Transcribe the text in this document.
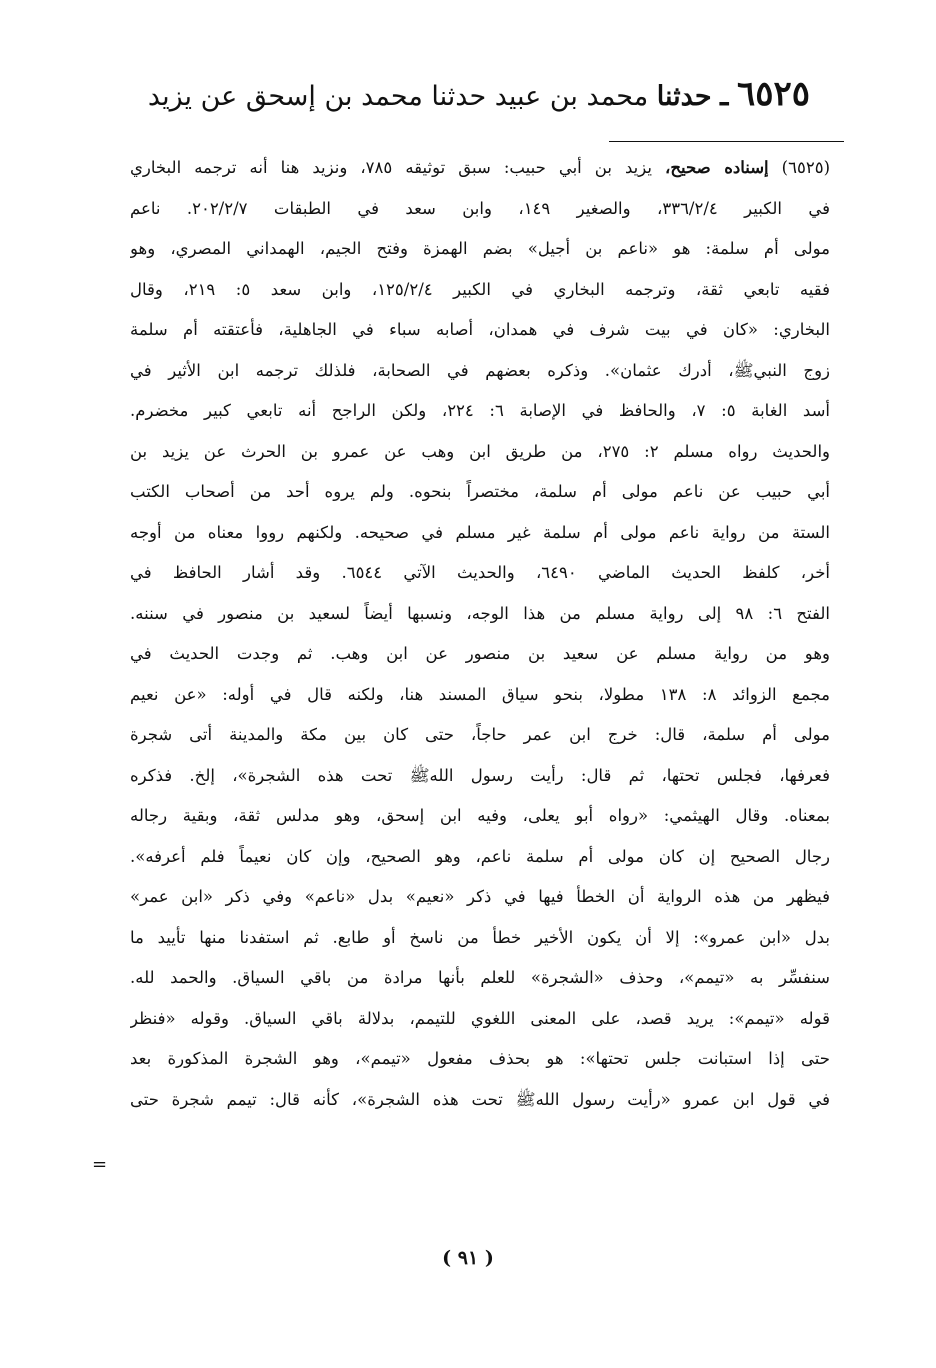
٦٥٢٥ ـ حدثنا محمد بن عبيد حدثنا محمد بن إسحق عن يزيد
(٦٥٢٥) إسناده صحيح، يزيد بن أبي حبيب: سبق توثيقه ٧٨٥، ونزيد هنا أنه ترجمه البخاري
في الكبير ٣٣٦/٢/٤، والصغير ١٤٩، وابن سعد في الطبقات ٢٠٢/٢/٧. ناعم
مولى أم سلمة: هو «ناعم بن أجيل» بضم الهمزة وفتح الجيم، الهمداني المصري، وهو
فقيه تابعي ثقة، وترجمه البخاري في الكبير ١٢٥/٢/٤، وابن سعد ٥: ٢١٩، وقال
البخاري: «كان في بيت شرف في همدان، أصابه سباء في الجاهلية، فأعتقته أم سلمة
زوج النبيﷺ، أدرك عثمان». وذكره بعضهم في الصحابة، فلذلك ترجمه ابن الأثير في
أسد الغابة ٥: ٧، والحافظ في الإصابة ٦: ٢٢٤، ولكن الراجح أنه تابعي كبير مخضرم.
والحديث رواه مسلم ٢: ٢٧٥، من طريق ابن وهب عن عمرو بن الحرث عن يزيد بن
أبي حبيب عن ناعم مولى أم سلمة، مختصراً بنحوه. ولم يروه أحد من أصحاب الكتب
الستة من رواية ناعم مولى أم سلمة غير مسلم في صحيحه. ولكنهم رووا معناه من أوجه
أخر، كلفظ الحديث الماضي ٦٤٩٠، والحديث الآتي ٦٥٤٤. وقد أشار الحافظ في
الفتح ٦: ٩٨ إلى رواية مسلم من هذا الوجه، ونسبها أيضاً لسعيد بن منصور في سننه.
وهو من رواية مسلم عن سعيد بن منصور عن ابن وهب. ثم وجدت الحديث في
مجمع الزوائد ٨: ١٣٨ مطولا، بنحو سياق المسند هنا، ولكنه قال في أوله: «عن نعيم
مولى أم سلمة، قال: خرج ابن عمر حاجاً، حتى كان بين مكة والمدينة أتى شجرة
فعرفها، فجلس تحتها، ثم قال: رأيت رسول اللهﷺ تحت هذه الشجرة»، إلخ. فذكره
بمعناه. وقال الهيثمي: «رواه أبو يعلى، وفيه ابن إسحق، وهو مدلس ثقة، وبقية رجاله
رجال الصحيح إن كان مولى أم سلمة ناعم، وهو الصحيح، وإن كان نعيماً فلم أعرفه».
فيظهر من هذه الرواية أن الخطأ فيها في ذكر «نعيم» بدل «ناعم» وفي ذكر «ابن عمر»
بدل «ابن عمرو»: إلا أن يكون الأخير خطأ من ناسخ أو طابع. ثم استفدنا منها تأييد ما
سنفسِّر به «تيمم»، وحذف «الشجرة» للعلم بأنها مرادة من باقي السياق. والحمد لله.
قوله «تيمم»: يريد قصد، على المعنى اللغوي للتيمم، بدلالة باقي السياق. وقوله «فنظر
حتى إذا استبانت جلس تحتها»: هو بحذف مفعول «تيمم»، وهو الشجرة المذكورة بعد
في قول ابن عمرو «رأيت رسول اللهﷺ تحت هذه الشجرة»، كأنه قال: تيمم شجرة حتى
=
( ٩١ )
